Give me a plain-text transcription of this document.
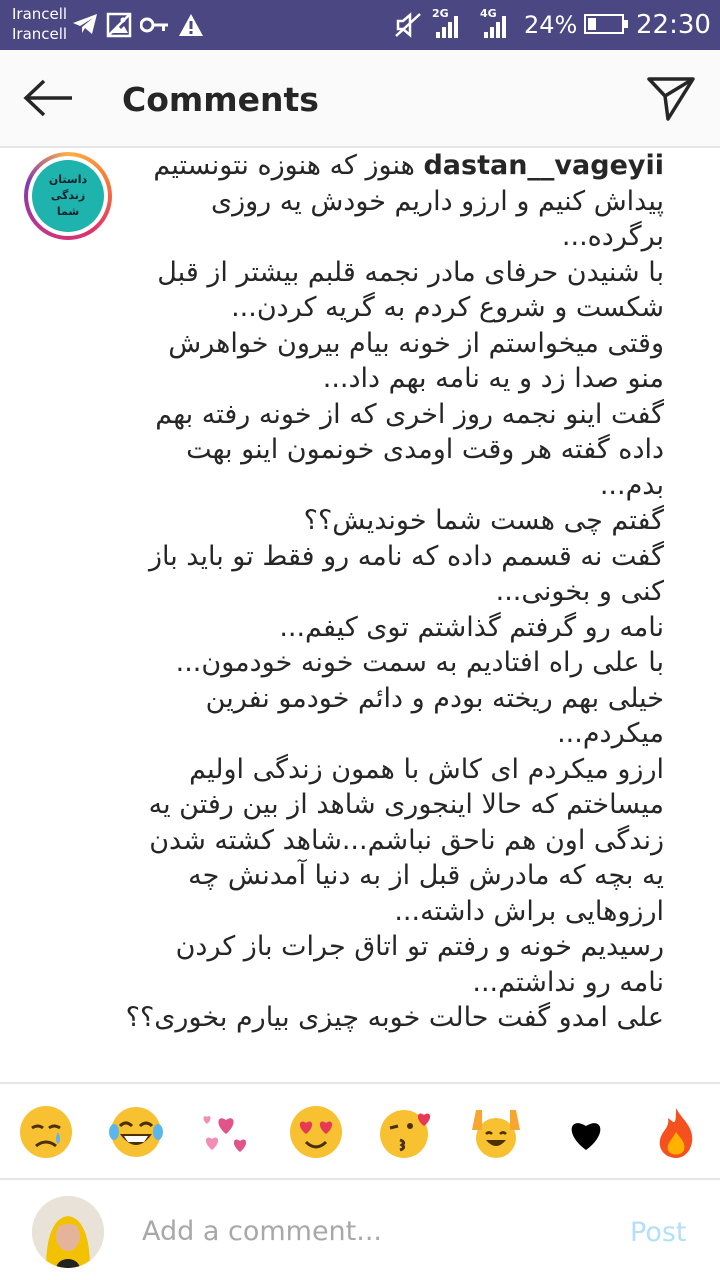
Irancell
Irancell
2G	4G 24% 22:30
Comments
داستان زندگی
شما
dastan__vageyii هنوز که هنوزه نتونستیم پیداش کنیم و ارزو داریم خودش یه روزی برگرده...
با شنیدن حرفای مادر نجمه قلبم بیشتر از قبل شکست و شروع کردم به گریه کردن...
وقتی میخواستم از خونه بیام بیرون خواهرش منو صدا زد و یه نامه بهم داد...
گفت اینو نجمه روز اخری که از خونه رفته بهم داده گفته هر وقت اومدی خونمون اینو بهت بدم...
گفتم چی هست شما خوندیش؟؟
گفت نه قسمم داده که نامه رو فقط تو باید باز کنی و بخونی...
نامه رو گرفتم گذاشتم توی کیفم...
با علی راه افتادیم به سمت خونه خودمون...
خیلی بهم ریخته بودم و دائم خودمو نفرین میکردم...
ارزو میکردم ای کاش با همون زندگی اولیم میساختم که حالا اینجوری شاهد از بین رفتن یه زندگی اون هم ناحق نباشم...شاهد کشته شدن یه بچه که مادرش قبل از به دنیا آمدنش چه ارزوهایی براش داشته...
رسیدیم خونه و رفتم تو اتاق جرات باز کردن نامه رو نداشتم...
علی امدو گفت حالت خوبه چیزی بیارم بخوری؟؟
Add a comment...
Post
